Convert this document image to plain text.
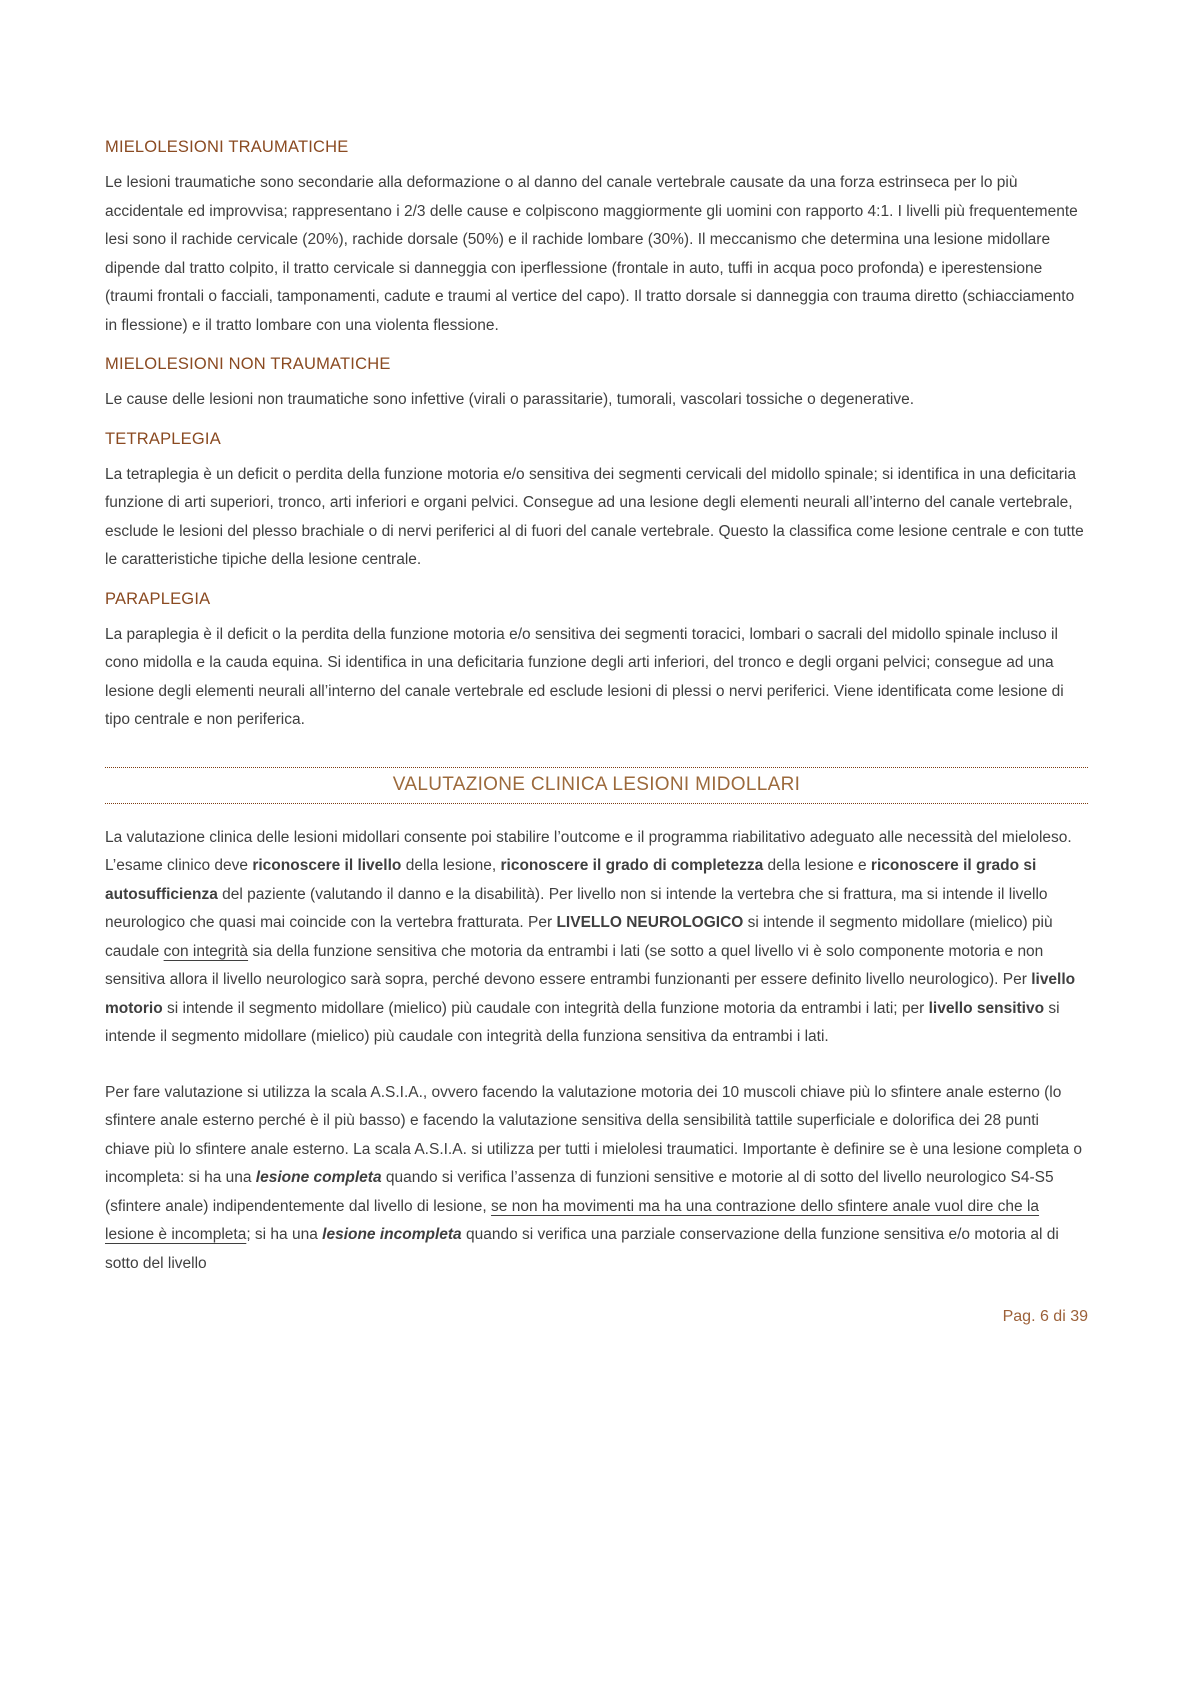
MIELOLESIONI TRAUMATICHE

Le lesioni traumatiche sono secondarie alla deformazione o al danno del canale vertebrale causate da una forza estrinseca per lo più accidentale ed improvvisa; rappresentano i 2/3 delle cause e colpiscono maggiormente gli uomini con rapporto 4:1. I livelli più frequentemente lesi sono il rachide cervicale (20%), rachide dorsale (50%) e il rachide lombare (30%). Il meccanismo che determina una lesione midollare dipende dal tratto colpito, il tratto cervicale si danneggia con iperflessione (frontale in auto, tuffi in acqua poco profonda) e iperestensione (traumi frontali o facciali, tamponamenti, cadute e traumi al vertice del capo). Il tratto dorsale si danneggia con trauma diretto (schiacciamento in flessione) e il tratto lombare con una violenta flessione.

MIELOLESIONI NON TRAUMATICHE

Le cause delle lesioni non traumatiche sono infettive (virali o parassitarie), tumorali, vascolari tossiche o degenerative.

TETRAPLEGIA

La tetraplegia è un deficit o perdita della funzione motoria e/o sensitiva dei segmenti cervicali del midollo spinale; si identifica in una deficitaria funzione di arti superiori, tronco, arti inferiori e organi pelvici. Consegue ad una lesione degli elementi neurali all’interno del canale vertebrale, esclude le lesioni del plesso brachiale o di nervi periferici al di fuori del canale vertebrale. Questo la classifica come lesione centrale e con tutte le caratteristiche tipiche della lesione centrale.

PARAPLEGIA

La paraplegia è il deficit o la perdita della funzione motoria e/o sensitiva dei segmenti toracici, lombari o sacrali del midollo spinale incluso il cono midolla e la cauda equina. Si identifica in una deficitaria funzione degli arti inferiori, del tronco e degli organi pelvici; consegue ad una lesione degli elementi neurali all’interno del canale vertebrale ed esclude lesioni di plessi o nervi periferici. Viene identificata come lesione di tipo centrale e non periferica.

VALUTAZIONE CLINICA LESIONI MIDOLLARI

La valutazione clinica delle lesioni midollari consente poi stabilire l’outcome e il programma riabilitativo adeguato alle necessità del mieloleso. L’esame clinico deve riconoscere il livello della lesione, riconoscere il grado di completezza della lesione e riconoscere il grado si autosufficienza del paziente (valutando il danno e la disabilità). Per livello non si intende la vertebra che si frattura, ma si intende il livello neurologico che quasi mai coincide con la vertebra fratturata. Per LIVELLO NEUROLOGICO si intende il segmento midollare (mielico) più caudale con integrità sia della funzione sensitiva che motoria da entrambi i lati (se sotto a quel livello vi è solo componente motoria e non sensitiva allora il livello neurologico sarà sopra, perché devono essere entrambi funzionanti per essere definito livello neurologico). Per livello motorio si intende il segmento midollare (mielico) più caudale con integrità della funzione motoria da entrambi i lati; per livello sensitivo si intende il segmento midollare (mielico) più caudale con integrità della funziona sensitiva da entrambi i lati.

Per fare valutazione si utilizza la scala A.S.I.A., ovvero facendo la valutazione motoria dei 10 muscoli chiave più lo sfintere anale esterno (lo sfintere anale esterno perché è il più basso) e facendo la valutazione sensitiva della sensibilità tattile superficiale e dolorifica dei 28 punti chiave più lo sfintere anale esterno. La scala A.S.I.A. si utilizza per tutti i mielolesi traumatici. Importante è definire se è una lesione completa o incompleta: si ha una lesione completa quando si verifica l’assenza di funzioni sensitive e motorie al di sotto del livello neurologico S4-S5 (sfintere anale) indipendentemente dal livello di lesione, se non ha movimenti ma ha una contrazione dello sfintere anale vuol dire che la lesione è incompleta; si ha una lesione incompleta quando si verifica una parziale conservazione della funzione sensitiva e/o motoria al di sotto del livello

Pag. 6 di 39
